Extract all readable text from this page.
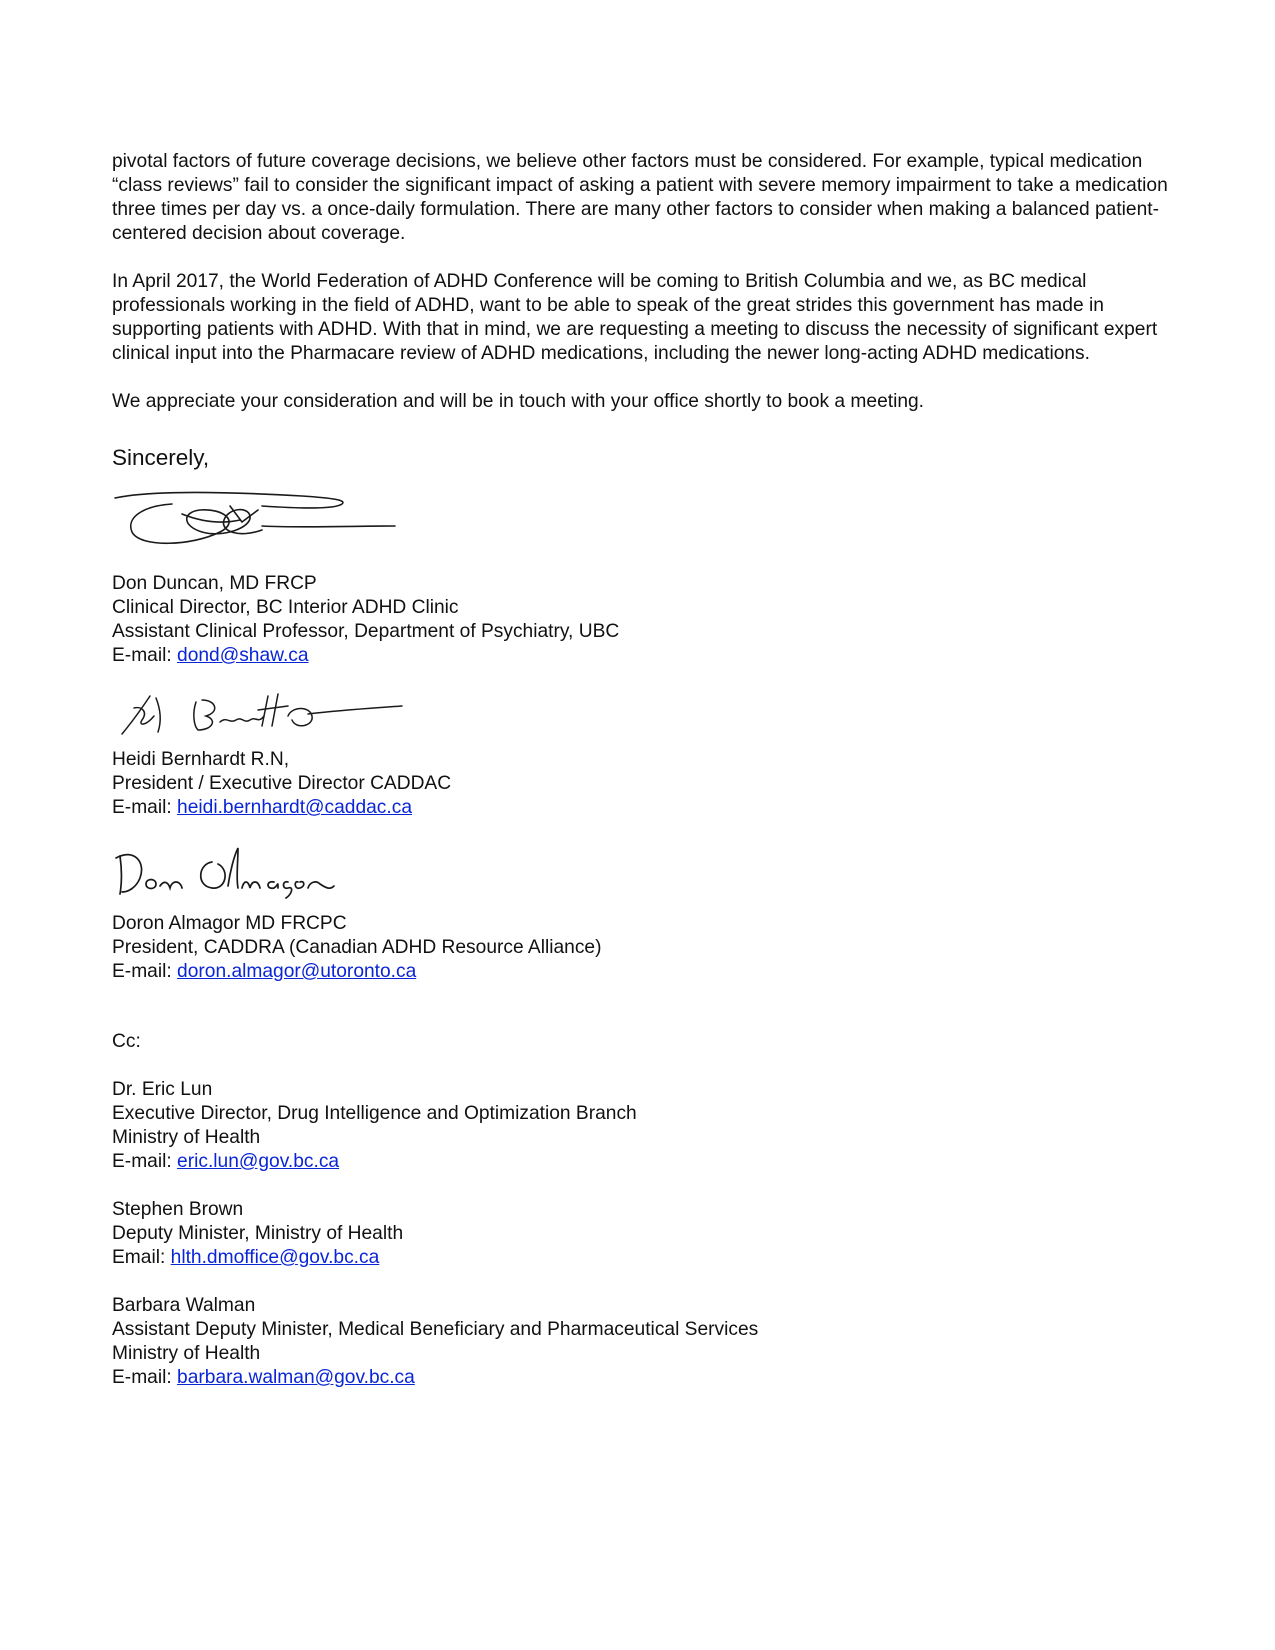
pivotal factors of future coverage decisions, we believe other factors must be considered. For example, typical medication “class reviews” fail to consider the significant impact of asking a patient with severe memory impairment to take a medication three times per day vs. a once-daily formulation. There are many other factors to consider when making a balanced patient-centered decision about coverage.

In April 2017, the World Federation of ADHD Conference will be coming to British Columbia and we, as BC medical professionals working in the field of ADHD, want to be able to speak of the great strides this government has made in supporting patients with ADHD. With that in mind, we are requesting a meeting to discuss the necessity of significant expert clinical input into the Pharmacare review of ADHD medications, including the newer long-acting ADHD medications.

We appreciate your consideration and will be in touch with your office shortly to book a meeting.

Sincerely,

Don Duncan, MD FRCP
Clinical Director, BC Interior ADHD Clinic
Assistant Clinical Professor, Department of Psychiatry, UBC
E-mail: dond@shaw.ca
Heidi Bernhardt R.N,
President / Executive Director CADDAC
E-mail: heidi.bernhardt@caddac.ca
Doron Almagor MD FRCPC
President, CADDRA (Canadian ADHD Resource Alliance)
E-mail: doron.almagor@utoronto.ca
Cc:
Dr. Eric Lun
Executive Director, Drug Intelligence and Optimization Branch
Ministry of Health
E-mail: eric.lun@gov.bc.ca
Stephen Brown
Deputy Minister, Ministry of Health
Email: hlth.dmoffice@gov.bc.ca
Barbara Walman
Assistant Deputy Minister, Medical Beneficiary and Pharmaceutical Services
Ministry of Health
E-mail: barbara.walman@gov.bc.ca
